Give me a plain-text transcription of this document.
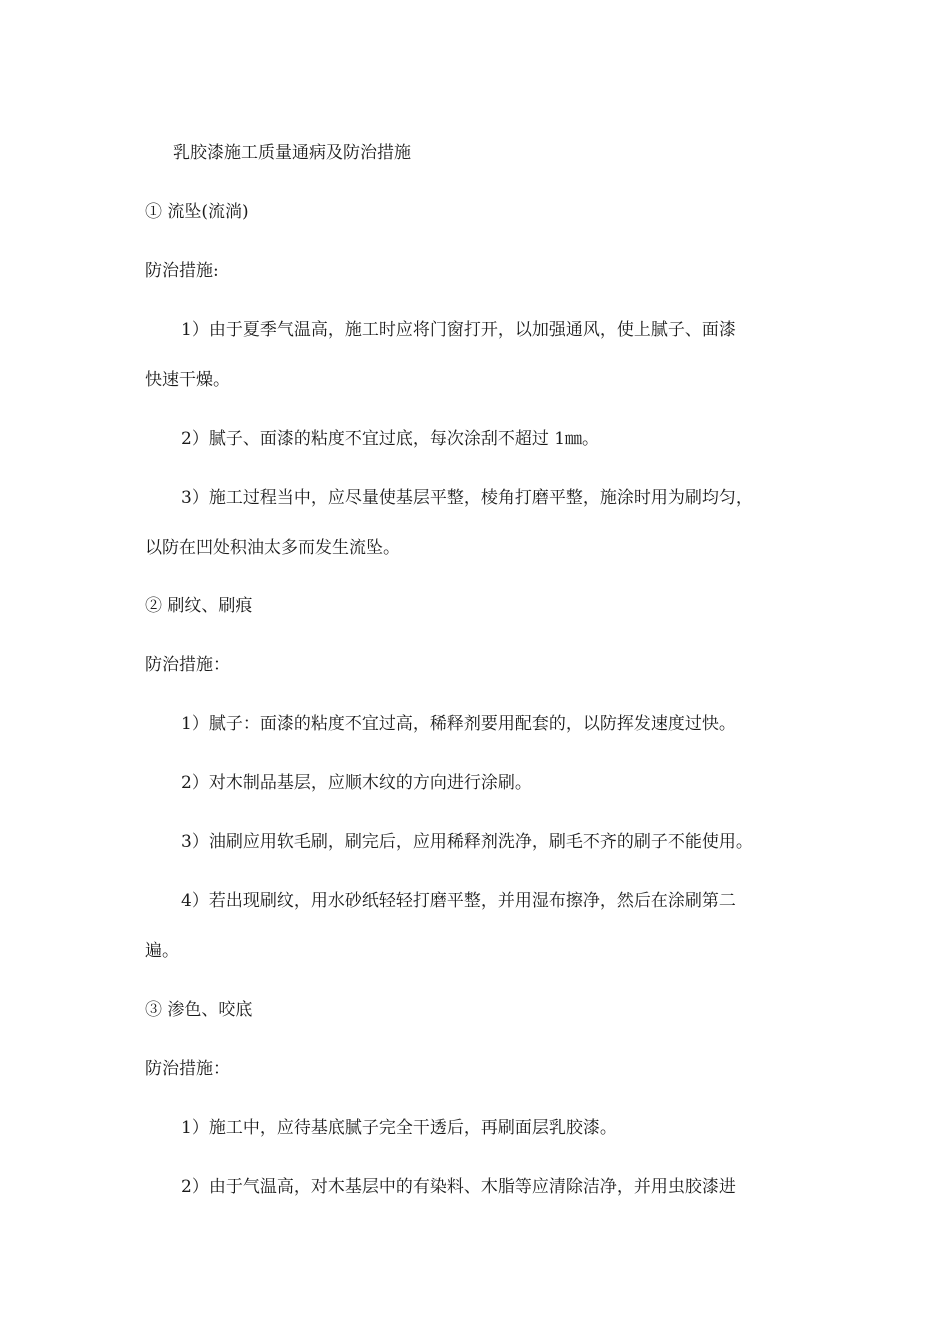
乳胶漆施工质量通病及防治措施
① 流坠(流淌)
防治措施:
1）由于夏季气温高，施工时应将门窗打开，以加强通风，使上腻子、面漆
快速干燥。
2）腻子、面漆的粘度不宜过底，每次涂刮不超过 1㎜。
3）施工过程当中，应尽量使基层平整，棱角打磨平整，施涂时用为刷均匀，
以防在凹处积油太多而发生流坠。
② 刷纹、刷痕
防治措施：
1）腻子：面漆的粘度不宜过高，稀释剂要用配套的，以防挥发速度过快。
2）对木制品基层，应顺木纹的方向进行涂刷。
3）油刷应用软毛刷，刷完后，应用稀释剂洗净，刷毛不齐的刷子不能使用。
4）若出现刷纹，用水砂纸轻轻打磨平整，并用湿布擦净，然后在涂刷第二
遍。
③ 渗色、咬底
防治措施：
1）施工中，应待基底腻子完全干透后，再刷面层乳胶漆。
2）由于气温高，对木基层中的有染料、木脂等应清除洁净，并用虫胶漆进
